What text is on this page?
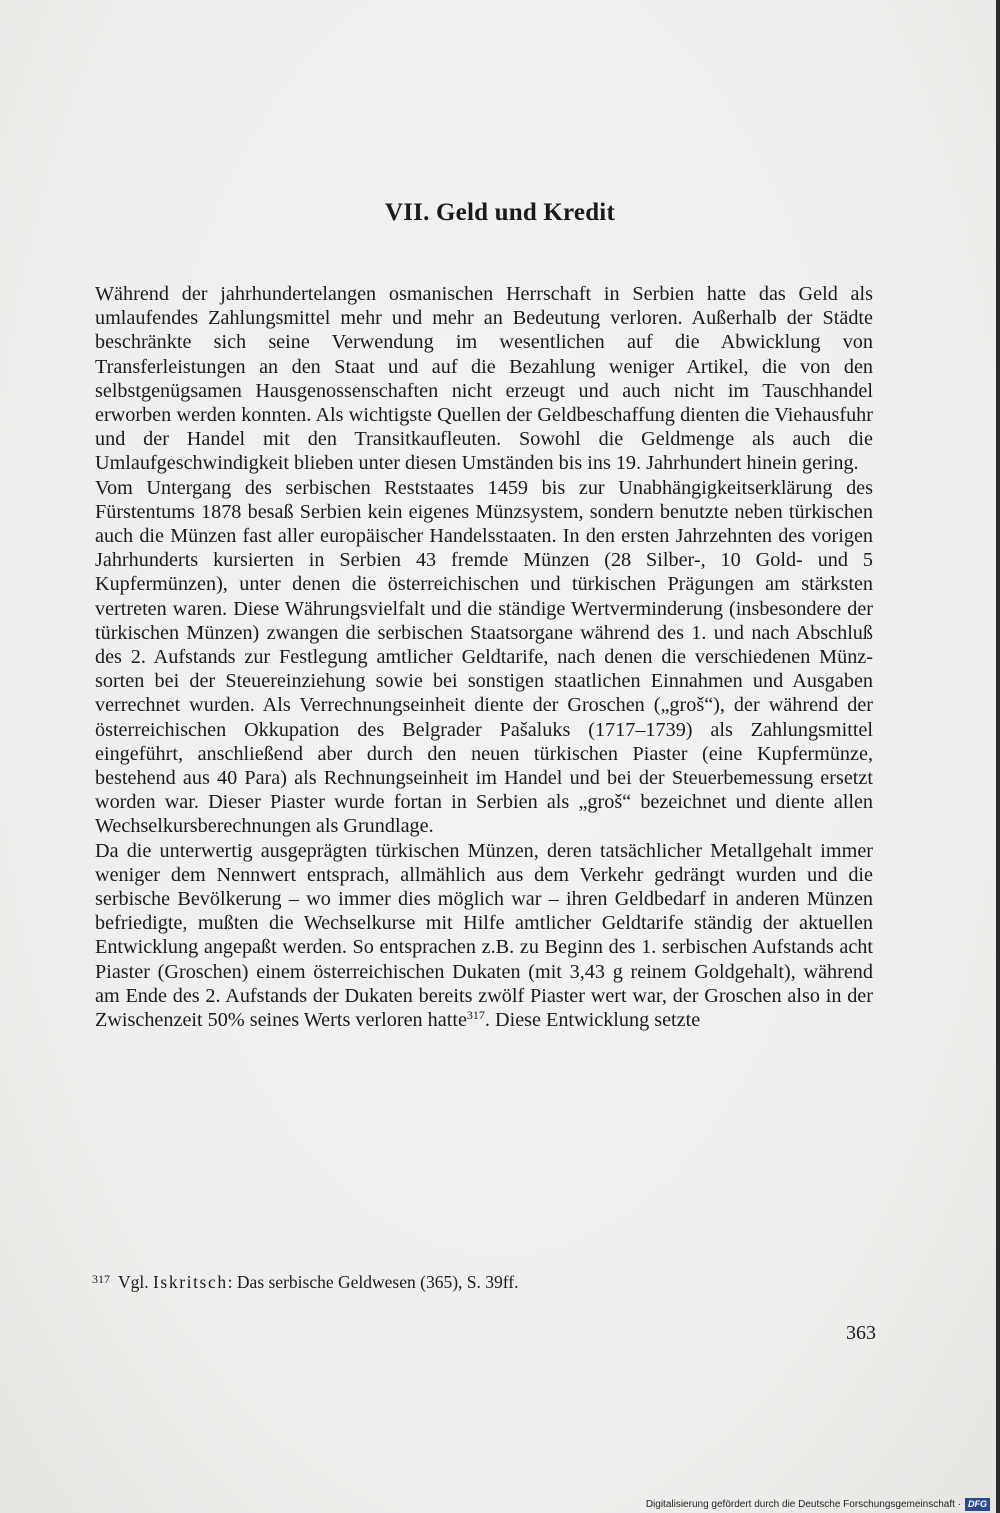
VII. Geld und Kredit

Während der jahrhundertelangen osmanischen Herrschaft in Serbien hatte das Geld als umlaufendes Zahlungsmittel mehr und mehr an Bedeutung verloren. Außerhalb der Städte beschränkte sich seine Verwendung im wesentlichen auf die Abwicklung von Transferleistungen an den Staat und auf die Bezahlung weniger Artikel, die von den selbstgenügsamen Hausgenossenschaften nicht erzeugt und auch nicht im Tauschhandel erworben werden konnten. Als wichtigste Quellen der Geldbeschaffung dienten die Viehausfuhr und der Handel mit den Transitkaufleuten. Sowohl die Geldmenge als auch die Umlaufgeschwindigkeit blieben unter diesen Umständen bis ins 19. Jahrhundert hinein gering.

Vom Untergang des serbischen Reststaates 1459 bis zur Unabhängigkeitserklärung des Fürstentums 1878 besaß Serbien kein eigenes Münzsystem, sondern benutzte neben türkischen auch die Münzen fast aller europäischer Handelsstaaten. In den ersten Jahrzehnten des vorigen Jahrhunderts kursierten in Serbien 43 fremde Münzen (28 Silber-, 10 Gold- und 5 Kupfermünzen), unter denen die österreichischen und türkischen Prägungen am stärksten vertreten waren. Diese Währungsvielfalt und die ständige Wertverminderung (insbesondere der türkischen Münzen) zwangen die serbischen Staatsorgane während des 1. und nach Abschluß des 2. Aufstands zur Festlegung amtlicher Geldtarife, nach denen die verschiedenen Münzsorten bei der Steuereinziehung sowie bei sonstigen staatlichen Einnahmen und Ausgaben verrechnet wurden. Als Verrechnungseinheit diente der Groschen („groš“), der während der österreichischen Okkupation des Belgrader Pašaluks (1717–1739) als Zahlungsmittel eingeführt, anschließend aber durch den neuen türkischen Piaster (eine Kupfermünze, bestehend aus 40 Para) als Rechnungseinheit im Handel und bei der Steuerbemessung ersetzt worden war. Dieser Piaster wurde fortan in Serbien als „groš“ bezeichnet und diente allen Wechselkursberechnungen als Grundlage.

Da die unterwertig ausgeprägten türkischen Münzen, deren tatsächlicher Metallgehalt immer weniger dem Nennwert entsprach, allmählich aus dem Verkehr gedrängt wurden und die serbische Bevölkerung – wo immer dies möglich war – ihren Geldbedarf in anderen Münzen befriedigte, mußten die Wechselkurse mit Hilfe amtlicher Geldtarife ständig der aktuellen Entwicklung angepaßt werden. So entsprachen z.B. zu Beginn des 1. serbischen Aufstands acht Piaster (Groschen) einem österreichischen Dukaten (mit 3,43 g reinem Goldgehalt), während am Ende des 2. Aufstands der Dukaten bereits zwölf Piaster wert war, der Groschen also in der Zwischenzeit 50% seines Werts verloren hatte$^{317}$. Diese Entwicklung setzte

$^{317}$ Vgl. Iskritsch: Das serbische Geldwesen (365), S. 39ff.
363
Digitalisierung gefördert durch die Deutsche Forschungsgemeinschaft · DFG
